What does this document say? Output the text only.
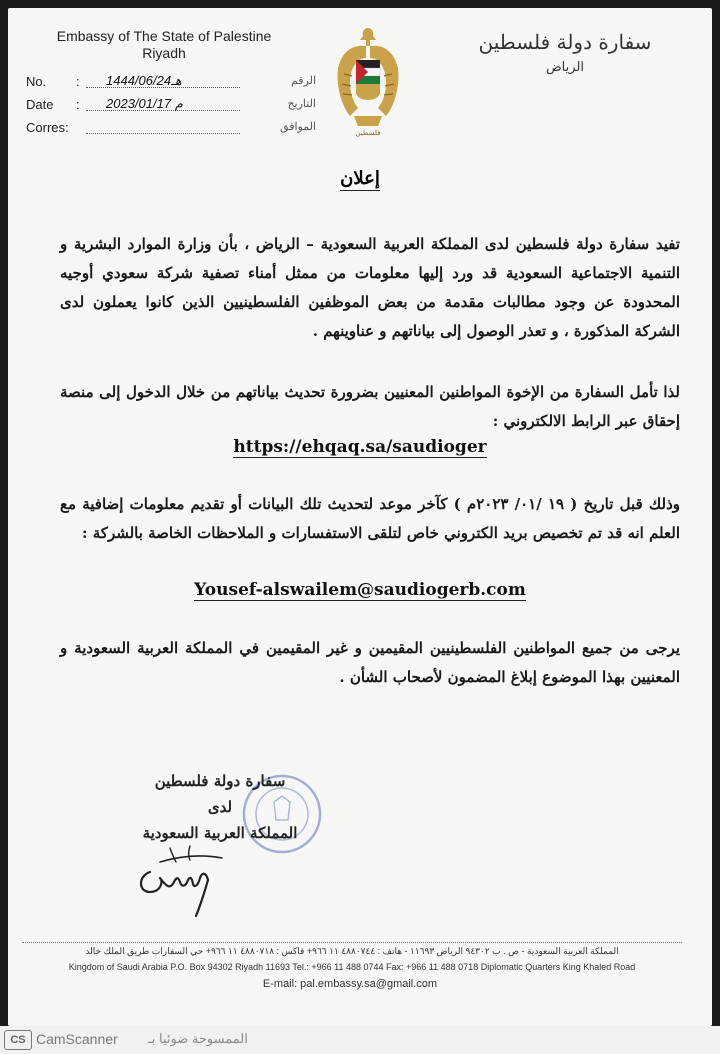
Embassy of The State of Palestine
Riyadh
No. : 1444/06/24هـ	الرقم
Date : 2023/01/17 م	التاريخ
Corres:	الموافق	فلسطين
سفارة دولة فلسطين
الرياض
إعلان
تفيد سفارة دولة فلسطين لدى المملكة العربية السعودية – الرياض ، بأن وزارة الموارد البشرية و التنمية الاجتماعية السعودية قد ورد إليها معلومات من ممثل أمناء تصفية شركة سعودي أوجيه المحدودة عن وجود مطالبات مقدمة من بعض الموظفين الفلسطينيين الذين كانوا يعملون لدى الشركة المذكورة ، و تعذر الوصول إلى بياناتهم و عناوينهم .
لذا تأمل السفارة من الإخوة المواطنين المعنيين بضرورة تحديث بياناتهم من خلال الدخول إلى منصة إحقاق عبر الرابط الالكتروني :
https://ehqaq.sa/saudioger
وذلك قبل تاريخ ( ١٩ /٠١/ ٢٠٢٣م ) كآخر موعد لتحديث تلك البيانات أو تقديم معلومات إضافية مع العلم انه قد تم تخصيص بريد الكتروني خاص لتلقى الاستفسارات و الملاحظات الخاصة بالشركة :
Yousef-alswailem@saudiogerb.com
يرجى من جميع المواطنين الفلسطينيين المقيمين و غير المقيمين في المملكة العربية السعودية و المعنيين بهذا الموضوع إبلاغ المضمون لأصحاب الشأن .
سفارة دولة فلسطين
لدى
المملكة العربية السعودية
المملكة العربية السعودية - ص . ب ٩٤٣٠٢ الرياض ١١٦٩٣ - هاتف : ٤٨٨٠٧٤٤ ١١ ٩٦٦+ فاكس : ٤٨٨٠٧١٨ ١١ ٩٦٦+ حي السفارات طريق الملك خالد
Kingdom of Saudi Arabia P.O. Box 94302 Riyadh 11693 Tel.: +966 11 488 0744 Fax: +966 11 488 0718 Diplomatic Quarters King Khaled Road
E-mail: pal.embassy.sa@gmail.com
CS CamScanner الممسوحة ضوئيا بـ
